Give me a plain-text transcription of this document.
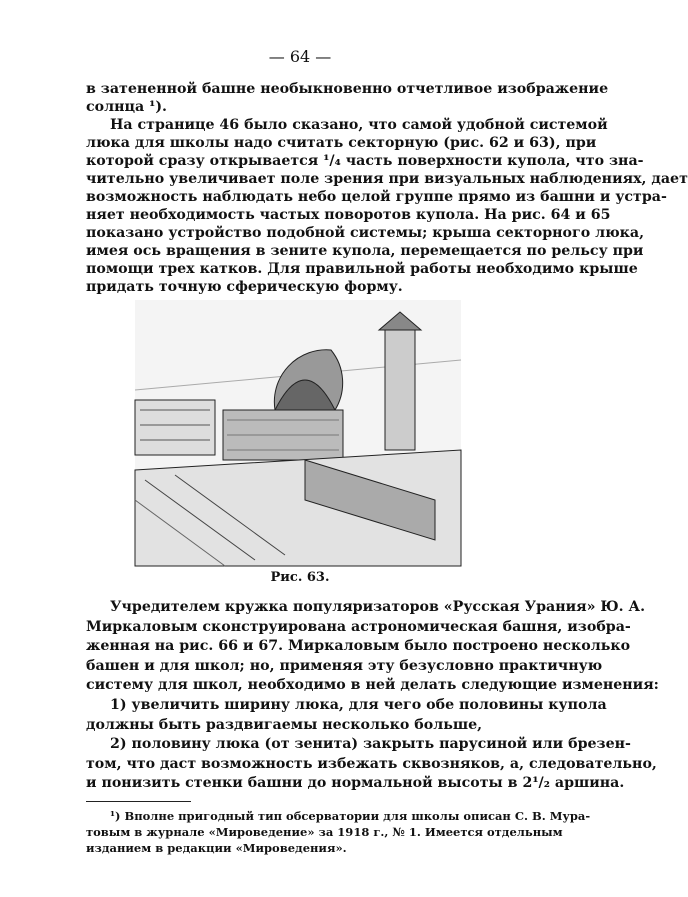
— 64 —
в затененной башне необыкновенно отчетливое изображение
солнца ¹).
На странице 46 было сказано, что самой удобной системой
люка для школы надо считать секторную (рис. 62 и 63), при
которой сразу открывается ¹/₄ часть поверхности купола, что зна-
чительно увеличивает поле зрения при визуальных наблюдениях, дает
возможность наблюдать небо целой группе прямо из башни и устра-
няет необходимость частых поворотов купола. На рис. 64 и 65
показано устройство подобной системы; крыша секторного люка,
имея ось вращения в зените купола, перемещается по рельсу при
помощи трех катков. Для правильной работы необходимо крыше
придать точную сферическую форму.
Рис. 63.
Учредителем кружка популяризаторов «Русская Урания» Ю. А.
Миркаловым сконструирована астрономическая башня, изобра-
женная на рис. 66 и 67. Миркаловым было построено несколько
башен и для школ; но, применяя эту безусловно практичную
систему для школ, необходимо в ней делать следующие изменения:
1) увеличить ширину люка, для чего обе половины купола
должны быть раздвигаемы несколько больше,
2) половину люка (от зенита) закрыть парусиной или брезен-
том, что даст возможность избежать сквозняков, а, следовательно,
и понизить стенки башни до нормальной высоты в 2¹/₂ аршина.
¹) Вполне пригодный тип обсерватории для школы описан С. В. Мура-
товым в журнале «Мироведение» за 1918 г., № 1. Имеется отдельным
изданием в редакции «Мироведения».
